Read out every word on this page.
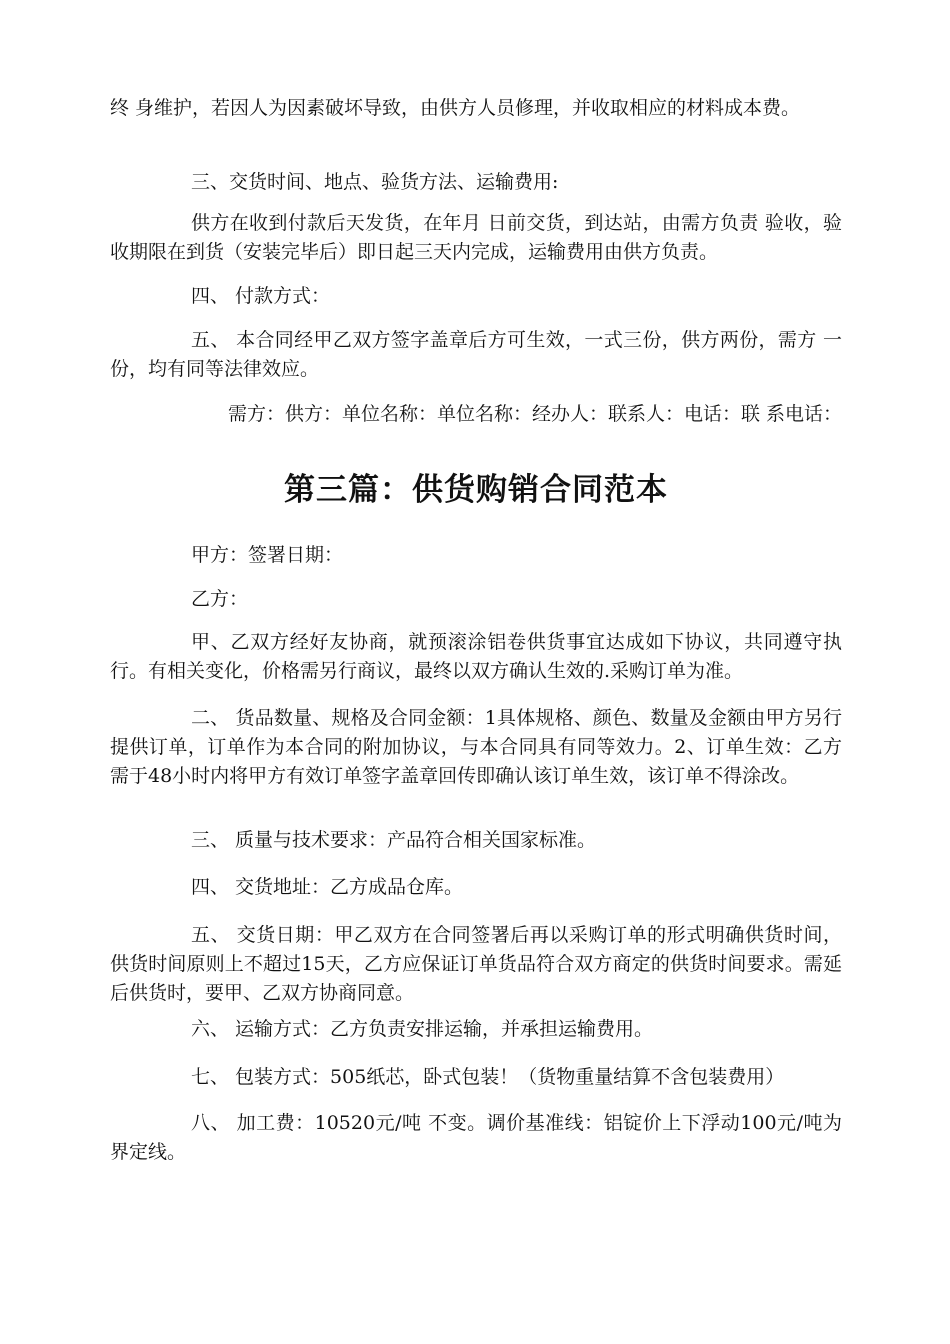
终 身维护，若因人为因素破坏导致，由供方人员修理，并收取相应的材料成本费。

三、交货时间、地点、验货方法、运输费用:

供方在收到付款后天发货，在年月 日前交货，到达站，由需方负责 验收，验收期限在到货（安装完毕后）即日起三天内完成，运输费用由供方负责。

四、 付款方式：

五、 本合同经甲乙双方签字盖章后方可生效，一式三份，供方两份，需方 一份，均有同等法律效应。

需方：供方：单位名称：单位名称：经办人：联系人：电话：联 系电话：

第三篇：供货购销合同范本

甲方：签署日期：

乙方：

甲、乙双方经好友协商，就预滚涂铝卷供货事宜达成如下协议，共同遵守执行。有相关变化，价格需另行商议，最终以双方确认生效的.采购订单为准。

二、 货品数量、规格及合同金额：1具体规格、颜色、数量及金额由甲方另行提供订单，订单作为本合同的附加协议，与本合同具有同等效力。2、订单生效：乙方需于48小时内将甲方有效订单签字盖章回传即确认该订单生效，该订单不得涂改。

三、 质量与技术要求：产品符合相关国家标准。

四、 交货地址：乙方成品仓库。

五、 交货日期：甲乙双方在合同签署后再以采购订单的形式明确供货时间，供货时间原则上不超过15天，乙方应保证订单货品符合双方商定的供货时间要求。需延后供货时，要甲、乙双方协商同意。

六、 运输方式：乙方负责安排运输，并承担运输费用。

七、 包装方式：505纸芯，卧式包装！（货物重量结算不含包装费用）

八、 加工费：10520元/吨 不变。调价基准线：铝锭价上下浮动100元/吨为界定线。
